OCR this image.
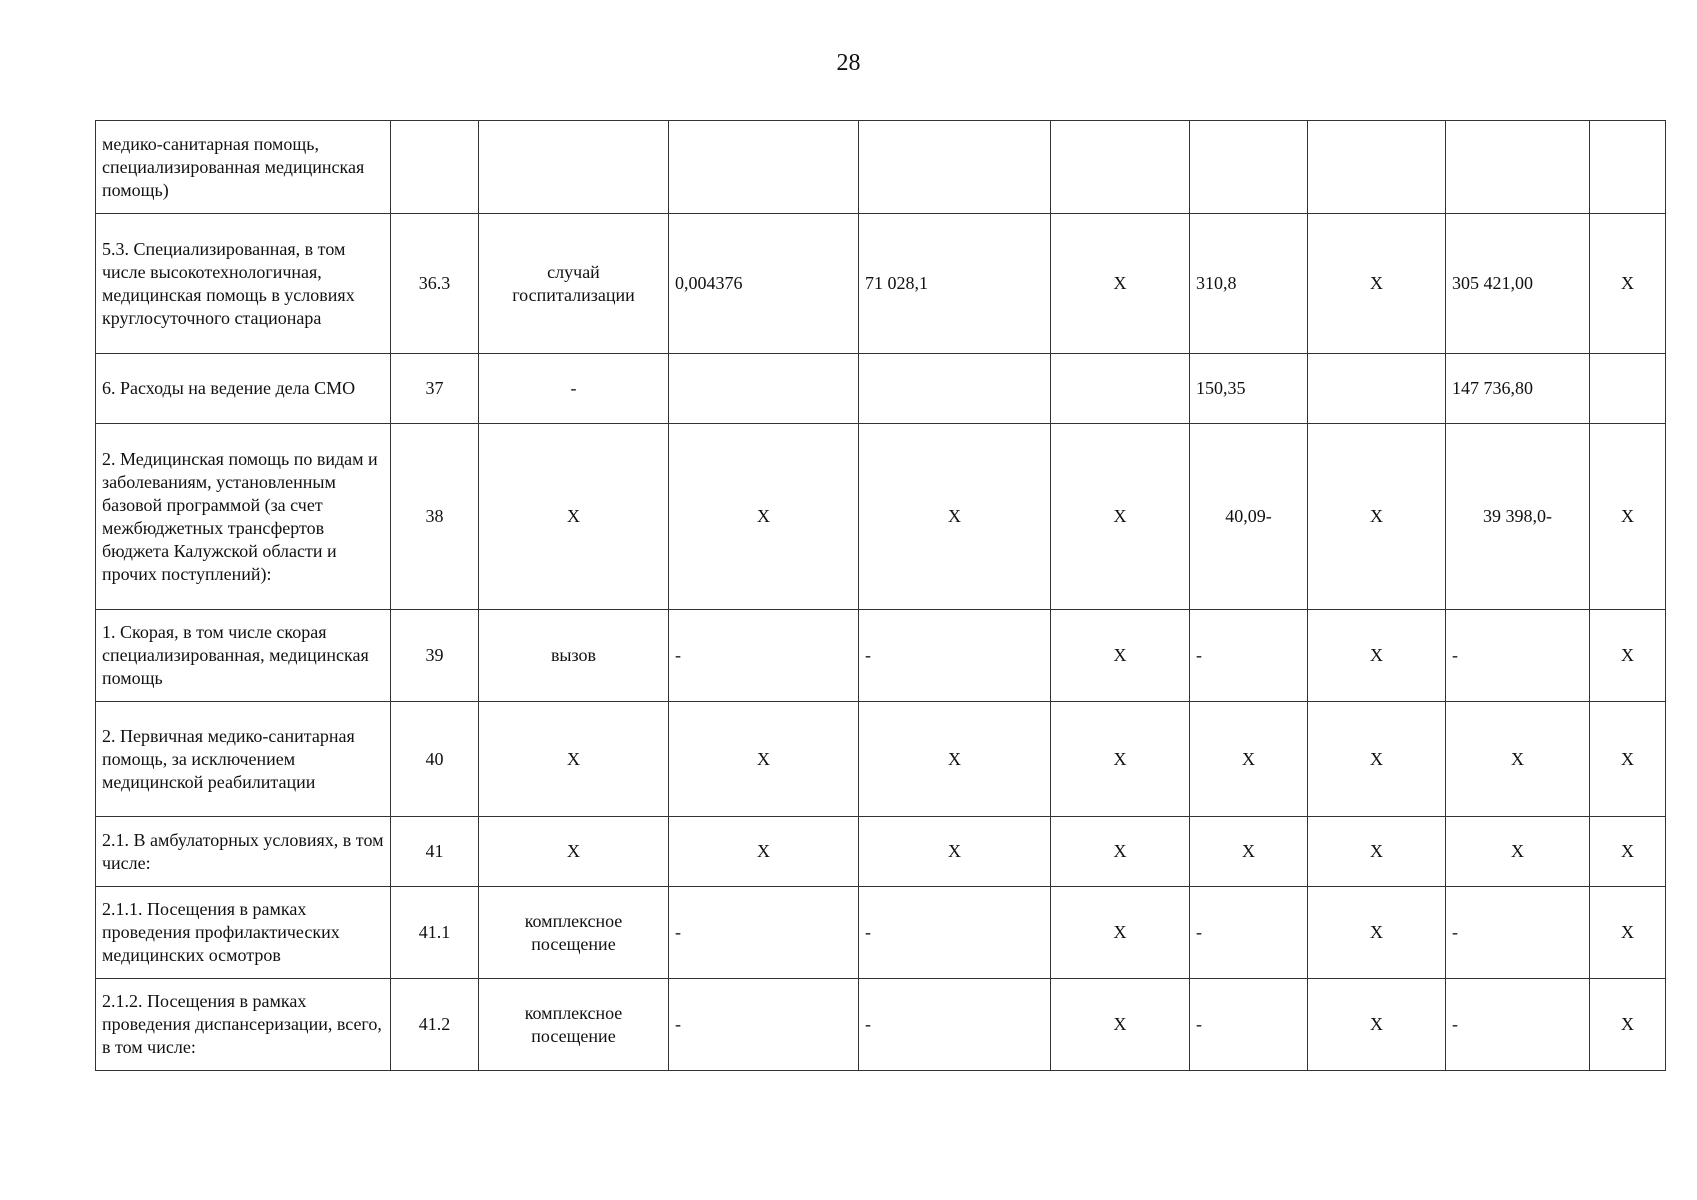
28
медико-санитарная помощь, специализированная медицинская помощь)									
5.3. Специализированная, в том числе высокотехнологичная, медицинская помощь в условиях круглосуточного стационара	36.3	случай госпитализации	0,004376	71 028,1	X	310,8	X	305 421,00	X
6. Расходы на ведение дела СМО	37	-				150,35		147 736,80	
2. Медицинская помощь по видам и заболеваниям, установленным базовой программой (за счет межбюджетных трансфертов бюджета Калужской области и прочих поступлений):	38	X	X	X	X	40,09-	X	39 398,0-	X
1. Скорая, в том числе скорая специализированная, медицинская помощь	39	вызов	-	-	X	-	X	-	X
2. Первичная медико-санитарная помощь, за исключением медицинской реабилитации	40	X	X	X	X	X	X	X	X
2.1. В амбулаторных условиях, в том числе:	41	X	X	X	X	X	X	X	X
2.1.1. Посещения в рамках проведения профилактических медицинских осмотров	41.1	комплексное посещение	-	-	X	-	X	-	X
2.1.2. Посещения в рамках проведения диспансеризации, всего, в том числе:	41.2	комплексное посещение	-	-	X	-	X	-	X
